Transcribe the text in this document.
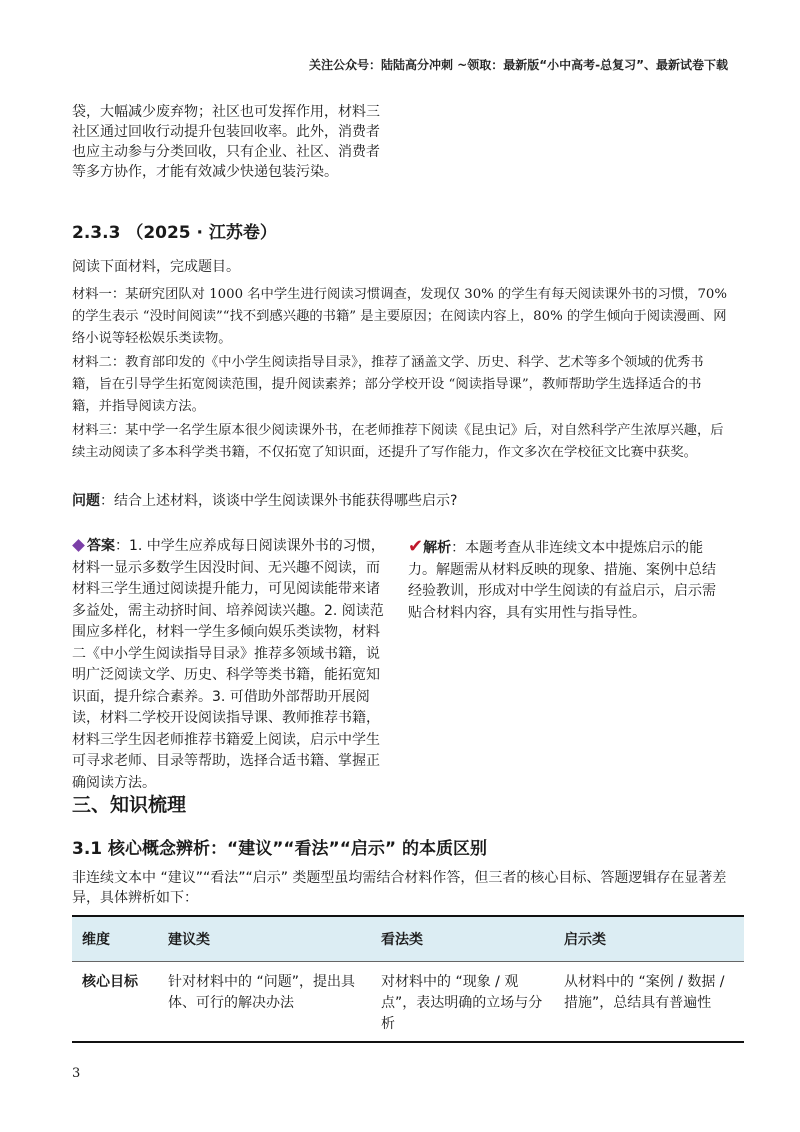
关注公众号：陆陆高分冲刺 ~领取：最新版“小中高考-总复习”、最新试卷下载
袋，大幅减少废弃物；社区也可发挥作用，材料三社区通过回收行动提升包装回收率。此外，消费者也应主动参与分类回收，只有企业、社区、消费者等多方协作，才能有效减少快递包装污染。
2.3.3 （2025 · 江苏卷）
阅读下面材料，完成题目。
材料一：某研究团队对 1000 名中学生进行阅读习惯调查，发现仅 30% 的学生有每天阅读课外书的习惯，70% 的学生表示 “没时间阅读”“找不到感兴趣的书籍” 是主要原因；在阅读内容上，80% 的学生倾向于阅读漫画、网络小说等轻松娱乐类读物。
材料二：教育部印发的《中小学生阅读指导目录》，推荐了涵盖文学、历史、科学、艺术等多个领域的优秀书籍，旨在引导学生拓宽阅读范围，提升阅读素养；部分学校开设 “阅读指导课”，教师帮助学生选择适合的书籍，并指导阅读方法。
材料三：某中学一名学生原本很少阅读课外书，在老师推荐下阅读《昆虫记》后，对自然科学产生浓厚兴趣，后续主动阅读了多本科学类书籍，不仅拓宽了知识面，还提升了写作能力，作文多次在学校征文比赛中获奖。
问题：结合上述材料，谈谈中学生阅读课外书能获得哪些启示?
答案：1. 中学生应养成每日阅读课外书的习惯，材料一显示多数学生因没时间、无兴趣不阅读，而材料三学生通过阅读提升能力，可见阅读能带来诸多益处，需主动挤时间、培养阅读兴趣。2. 阅读范围应多样化，材料一学生多倾向娱乐类读物，材料二《中小学生阅读指导目录》推荐多领域书籍，说明广泛阅读文学、历史、科学等类书籍，能拓宽知识面，提升综合素养。3. 可借助外部帮助开展阅读，材料二学校开设阅读指导课、教师推荐书籍，材料三学生因老师推荐书籍爱上阅读，启示中学生可寻求老师、目录等帮助，选择合适书籍、掌握正确阅读方法。
✔解析：本题考查从非连续文本中提炼启示的能力。解题需从材料反映的现象、措施、案例中总结经验教训，形成对中学生阅读的有益启示，启示需贴合材料内容，具有实用性与指导性。
三、知识梳理
3.1 核心概念辨析：“建议”“看法”“启示” 的本质区别
非连续文本中 “建议”“看法”“启示” 类题型虽均需结合材料作答，但三者的核心目标、答题逻辑存在显著差异，具体辨析如下：
维度	建议类	看法类	启示类
核心目标	针对材料中的 “问题”，提出具体、可行的解决办法	对材料中的 “现象 / 观点”，表达明确的立场与分析	从材料中的 “案例 / 数据 / 措施”，总结具有普遍性
3
